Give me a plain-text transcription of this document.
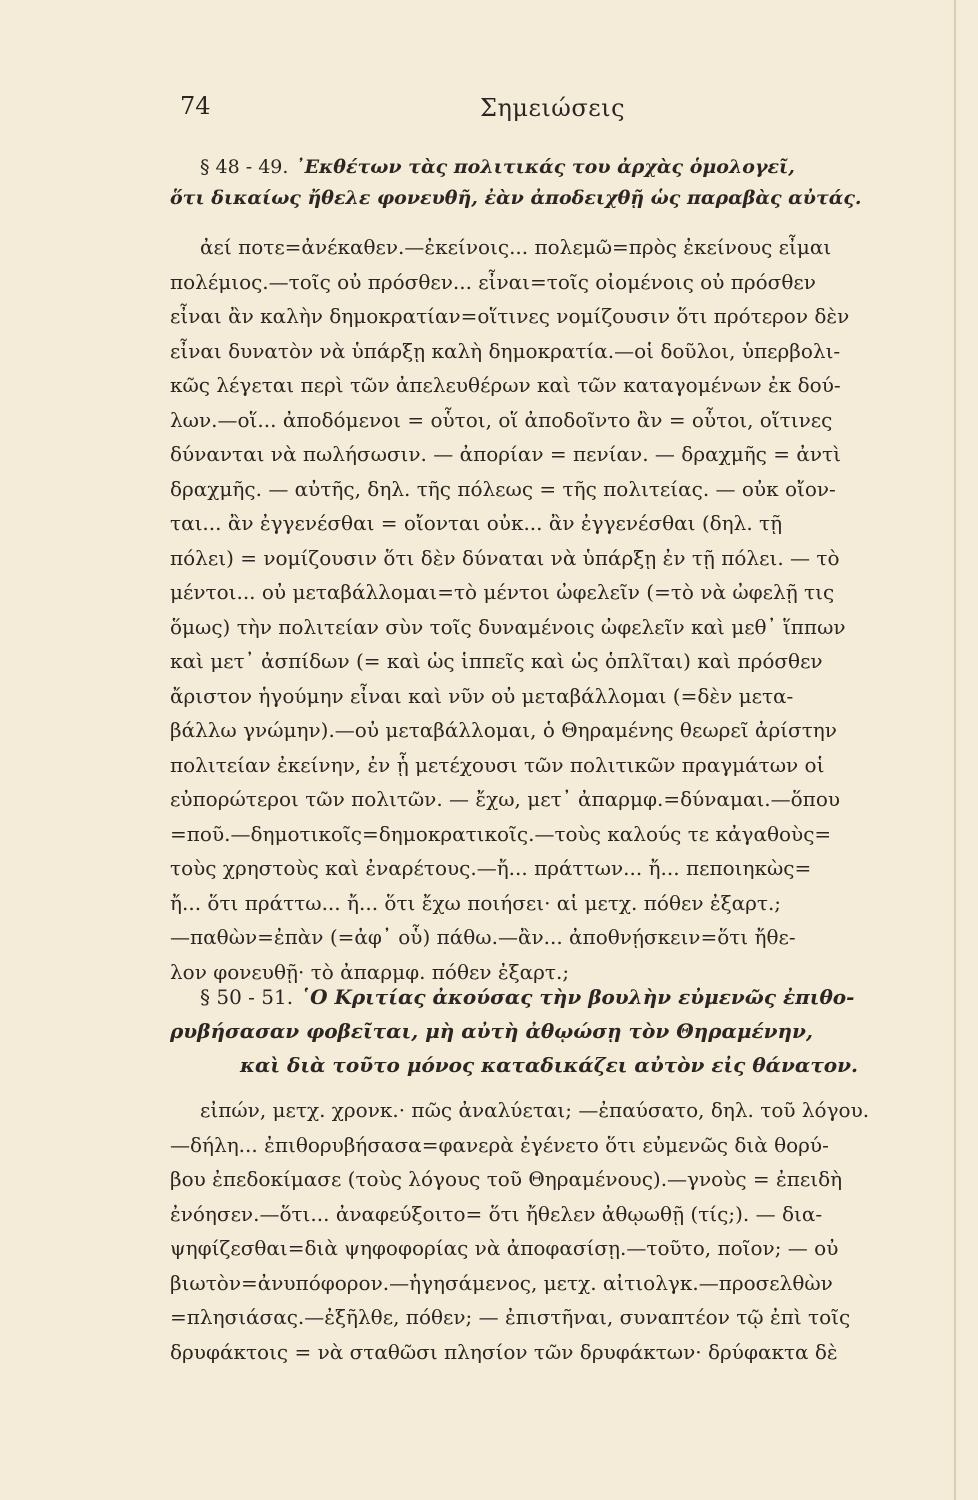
74	Σημειώσεις
§ 48 - 49. ᾿Εκθέτων τὰς πολιτικάς του ἀρχὰς ὁμολογεῖ,
ὅτι δικαίως ἤθελε φονευθῆ, ἐὰν ἀποδειχθῇ ὡς παραβὰς αὐτάς.
ἀεί ποτε=ἀνέκαθεν.—ἐκείνοις... πολεμῶ=πρὸς ἐκείνους εἶμαι
πολέμιος.—τοῖς οὐ πρόσθεν... εἶναι=τοῖς οἰομένοις οὐ πρόσθεν
εἶναι ἂν καλὴν δημοκρατίαν=οἵτινες νομίζουσιν ὅτι πρότερον δὲν
εἶναι δυνατὸν νὰ ὑπάρξῃ καλὴ δημοκρατία.—οἱ δοῦλοι, ὑπερβολι-
κῶς λέγεται περὶ τῶν ἀπελευθέρων καὶ τῶν καταγομένων ἐκ δού-
λων.—οἵ... ἀποδόμενοι = οὗτοι, οἵ ἀποδοῖντο ἂν = οὗτοι, οἵτινες
δύνανται νὰ πωλήσωσιν. — ἀπορίαν = πενίαν. — δραχμῆς = ἀντὶ
δραχμῆς. — αὐτῆς, δηλ. τῆς πόλεως = τῆς πολιτείας. — οὐκ οἴον-
ται... ἂν ἐγγενέσθαι = οἴονται οὐκ... ἂν ἐγγενέσθαι (δηλ. τῇ
πόλει) = νομίζουσιν ὅτι δὲν δύναται νὰ ὑπάρξῃ ἐν τῇ πόλει. — τὸ
μέντοι... οὐ μεταβάλλομαι=τὸ μέντοι ὠφελεῖν (=τὸ νὰ ὠφελῇ τις
ὅμως) τὴν πολιτείαν σὺν τοῖς δυναμένοις ὠφελεῖν καὶ μεθ᾿ ἵππων
καὶ μετ᾿ ἀσπίδων (= καὶ ὡς ἱππεῖς καὶ ὡς ὁπλῖται) καὶ πρόσθεν
ἄριστον ἡγούμην εἶναι καὶ νῦν οὐ μεταβάλλομαι (=δὲν μετα-
βάλλω γνώμην).—οὐ μεταβάλλομαι, ὁ Θηραμένης θεωρεῖ ἀρίστην
πολιτείαν ἐκείνην, ἐν ᾗ μετέχουσι τῶν πολιτικῶν πραγμάτων οἱ
εὐπορώτεροι τῶν πολιτῶν. — ἔχω, μετ᾿ ἀπαρμφ.=δύναμαι.—ὅπου
=ποῦ.—δημοτικοῖς=δημοκρατικοῖς.—τοὺς καλούς τε κἀγαθοὺς=
τοὺς χρηστοὺς καὶ ἐναρέτους.—ἤ... πράττων... ἤ... πεποιηκὼς=
ἤ... ὅτι πράττω... ἤ... ὅτι ἔχω ποιήσει· αἱ μετχ. πόθεν ἐξαρτ.;
—παθὼν=ἐπὰν (=ἀφ᾿ οὗ) πάθω.—ἂν... ἀποθνῄσκειν=ὅτι ἤθε-
λον φονευθῇ· τὸ ἀπαρμφ. πόθεν ἐξαρτ.;
§ 50 - 51. ῾Ο Κριτίας ἀκούσας τὴν βουλὴν εὐμενῶς ἐπιθο-
ρυβήσασαν φοβεῖται, μὴ αὐτὴ ἀθῳώσῃ τὸν Θηραμένην,
καὶ διὰ τοῦτο μόνος καταδικάζει αὐτὸν εἰς θάνατον.
εἰπών, μετχ. χρονκ.· πῶς ἀναλύεται; —ἐπαύσατο, δηλ. τοῦ λόγου.
—δήλη... ἐπιθορυβήσασα=φανερὰ ἐγένετο ὅτι εὐμενῶς διὰ θορύ-
βου ἐπεδοκίμασε (τοὺς λόγους τοῦ Θηραμένους).—γνοὺς = ἐπειδὴ
ἐνόησεν.—ὅτι... ἀναφεύξοιτο= ὅτι ἤθελεν ἀθῳωθῇ (τίς;). — δια-
ψηφίζεσθαι=διὰ ψηφοφορίας νὰ ἀποφασίσῃ.—τοῦτο, ποῖον; — οὐ
βιωτὸν=ἀνυπόφορον.—ἡγησάμενος, μετχ. αἰτιολγκ.—προσελθὼν
=πλησιάσας.—ἐξῆλθε, πόθεν; — ἐπιστῆναι, συναπτέον τῷ ἐπὶ τοῖς
δρυφάκτοις = νὰ σταθῶσι πλησίον τῶν δρυφάκτων· δρύφακτα δὲ
